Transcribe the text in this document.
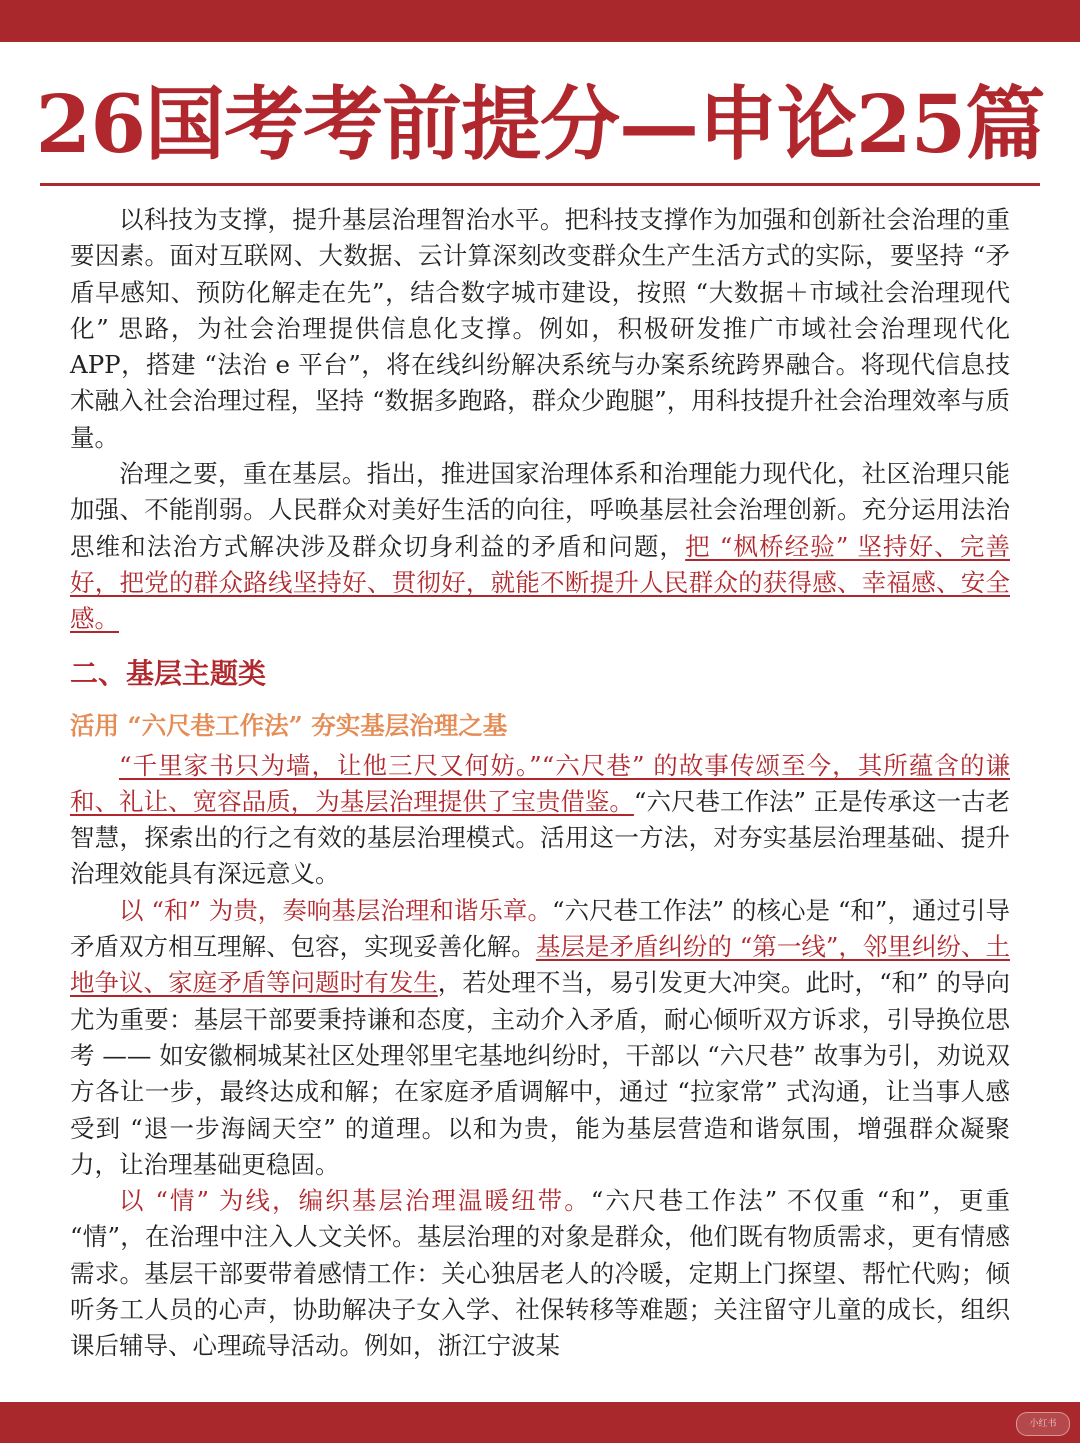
26国考考前提分—申论25篇

以科技为支撑，提升基层治理智治水平。把科技支撑作为加强和创新社会治理的重要因素。面对互联网、大数据、云计算深刻改变群众生产生活方式的实际，要坚持 “矛盾早感知、预防化解走在先”，结合数字城市建设，按照 “大数据＋市域社会治理现代化” 思路，为社会治理提供信息化支撑。例如，积极研发推广市域社会治理现代化 APP，搭建 “法治 e 平台”，将在线纠纷解决系统与办案系统跨界融合。将现代信息技术融入社会治理过程，坚持 “数据多跑路，群众少跑腿”，用科技提升社会治理效率与质量。

治理之要，重在基层。指出，推进国家治理体系和治理能力现代化，社区治理只能加强、不能削弱。人民群众对美好生活的向往，呼唤基层社会治理创新。充分运用法治思维和法治方式解决涉及群众切身利益的矛盾和问题，把 “枫桥经验” 坚持好、完善好，把党的群众路线坚持好、贯彻好，就能不断提升人民群众的获得感、幸福感、安全感。

二、基层主题类
活用 “六尺巷工作法” 夯实基层治理之基

“千里家书只为墙，让他三尺又何妨。”“六尺巷” 的故事传颂至今，其所蕴含的谦和、礼让、宽容品质，为基层治理提供了宝贵借鉴。“六尺巷工作法” 正是传承这一古老智慧，探索出的行之有效的基层治理模式。活用这一方法，对夯实基层治理基础、提升治理效能具有深远意义。

以 “和” 为贵，奏响基层治理和谐乐章。“六尺巷工作法” 的核心是 “和”，通过引导矛盾双方相互理解、包容，实现妥善化解。基层是矛盾纠纷的 “第一线”，邻里纠纷、土地争议、家庭矛盾等问题时有发生，若处理不当，易引发更大冲突。此时，“和” 的导向尤为重要：基层干部要秉持谦和态度，主动介入矛盾，耐心倾听双方诉求，引导换位思考 —— 如安徽桐城某社区处理邻里宅基地纠纷时，干部以 “六尺巷” 故事为引，劝说双方各让一步，最终达成和解；在家庭矛盾调解中，通过 “拉家常” 式沟通，让当事人感受到 “退一步海阔天空” 的道理。以和为贵，能为基层营造和谐氛围，增强群众凝聚力，让治理基础更稳固。

以 “情” 为线，编织基层治理温暖纽带。“六尺巷工作法” 不仅重 “和”，更重 “情”，在治理中注入人文关怀。基层治理的对象是群众，他们既有物质需求，更有情感需求。基层干部要带着感情工作：关心独居老人的冷暖，定期上门探望、帮忙代购；倾听务工人员的心声，协助解决子女入学、社保转移等难题；关注留守儿童的成长，组织课后辅导、心理疏导活动。例如，浙江宁波某

小红书
